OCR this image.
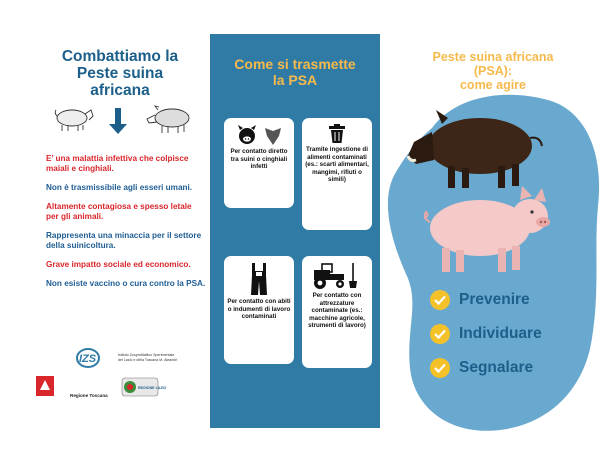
Combattiamo la
Peste suina
africana
E’ una malattia infettiva che colpisce maiali e cinghiali.
Non è trasmissibile agli esseri umani.
Altamente contagiosa e spesso letale per gli animali.
Rappresenta una minaccia per il settore della suinicoltura.
Grave impatto sociale ed economico.
Non esiste vaccino o cura contro la PSA.
IZS	Istituto Zooprofilattico Sperimentale
del Lazio e della Toscana M. Aleandri
Regione Toscana
REGIONE LAZIO
Come si trasmette
la PSA
Per contatto diretto tra suini o cinghiali infetti
Tramite ingestione di alimenti contaminati (es.: scarti alimentari, mangimi, rifiuti o simili)
Per contatto con abiti o indumenti di lavoro contaminati
Per contatto con attrezzature contaminate (es.: macchine agricole, strumenti di lavoro)
Peste suina africana
(PSA):
come agire
Prevenire
Individuare
Segnalare
